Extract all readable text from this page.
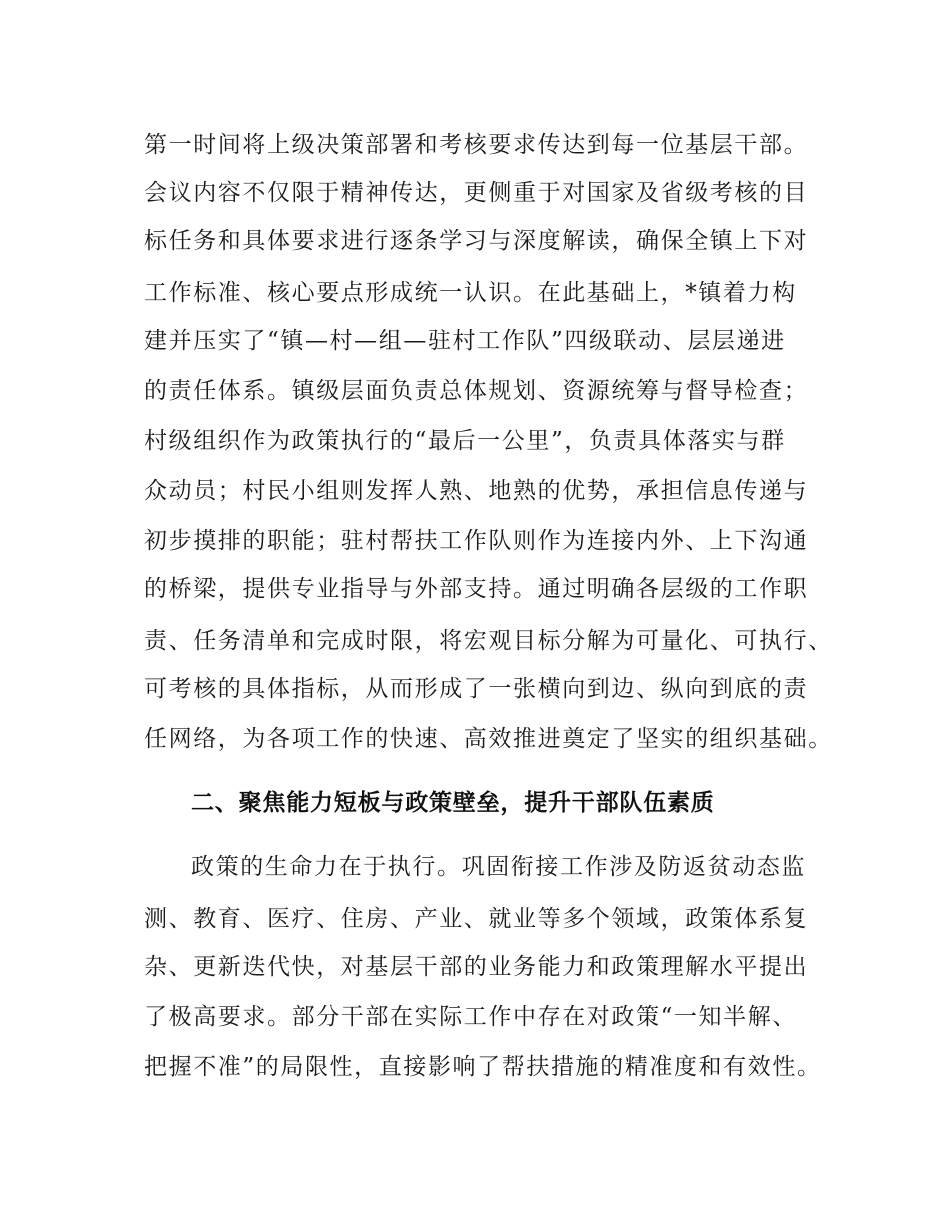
第一时间将上级决策部署和考核要求传达到每一位基层干部。
会议内容不仅限于精神传达，更侧重于对国家及省级考核的目
标任务和具体要求进行逐条学习与深度解读，确保全镇上下对
工作标准、核心要点形成统一认识。在此基础上，*镇着力构
建并压实了“镇—村—组—驻村工作队”四级联动、层层递进
的责任体系。镇级层面负责总体规划、资源统筹与督导检查；
村级组织作为政策执行的“最后一公里”，负责具体落实与群
众动员；村民小组则发挥人熟、地熟的优势，承担信息传递与
初步摸排的职能；驻村帮扶工作队则作为连接内外、上下沟通
的桥梁，提供专业指导与外部支持。通过明确各层级的工作职
责、任务清单和完成时限，将宏观目标分解为可量化、可执行、
可考核的具体指标，从而形成了一张横向到边、纵向到底的责
任网络，为各项工作的快速、高效推进奠定了坚实的组织基础。
二、聚焦能力短板与政策壁垒，提升干部队伍素质
政策的生命力在于执行。巩固衔接工作涉及防返贫动态监
测、教育、医疗、住房、产业、就业等多个领域，政策体系复
杂、更新迭代快，对基层干部的业务能力和政策理解水平提出
了极高要求。部分干部在实际工作中存在对政策“一知半解、
把握不准”的局限性，直接影响了帮扶措施的精准度和有效性。
